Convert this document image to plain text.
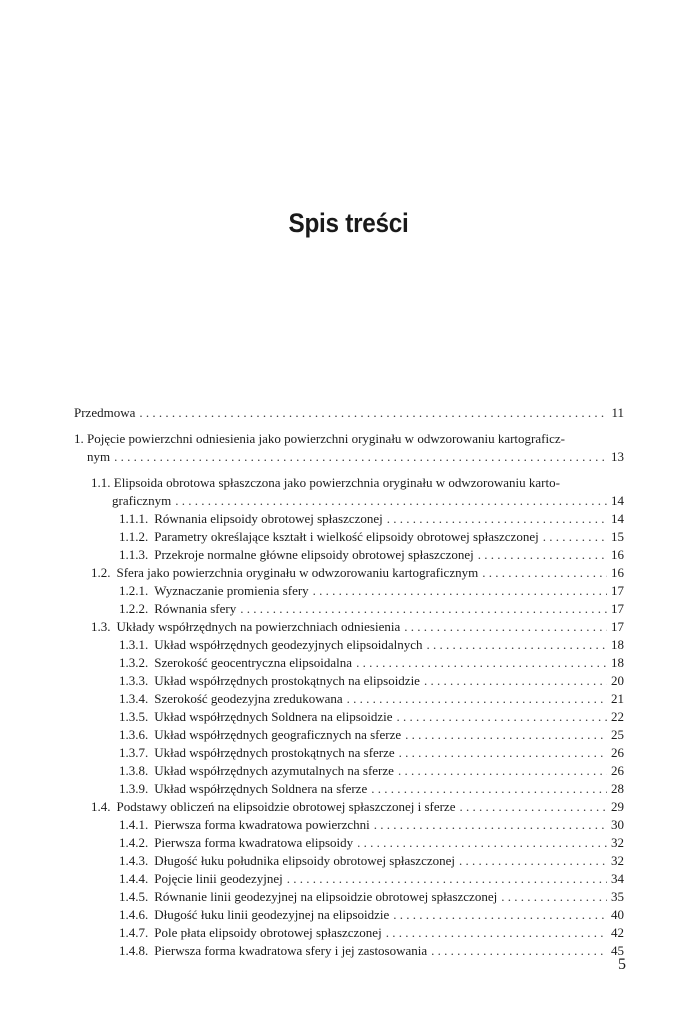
Spis treści
Przedmowa . . .	11
1. Pojęcie powierzchni odniesienia jako powierzchni oryginału w odwzorowaniu kartograficz-
nym . . .	13
1.1. Elipsoida obrotowa spłaszczona jako powierzchnia oryginału w odwzorowaniu karto-
graficznym . . .	14
1.1.1. Równania elipsoidy obrotowej spłaszczonej . . .	14
1.1.2. Parametry określające kształt i wielkość elipsoidy obrotowej spłaszczonej . . .	15
1.1.3. Przekroje normalne główne elipsoidy obrotowej spłaszczonej . . .	16
1.2. Sfera jako powierzchnia oryginału w odwzorowaniu kartograficznym . . .	16
1.2.1. Wyznaczanie promienia sfery . . .	17
1.2.2. Równania sfery . . .	17
1.3. Układy współrzędnych na powierzchniach odniesienia . . .	17
1.3.1. Układ współrzędnych geodezyjnych elipsoidalnych . . .	18
1.3.2. Szerokość geocentryczna elipsoidalna . . .	18
1.3.3. Układ współrzędnych prostokątnych na elipsoidzie . . .	20
1.3.4. Szerokość geodezyjna zredukowana . . .	21
1.3.5. Układ współrzędnych Soldnera na elipsoidzie . . .	22
1.3.6. Układ współrzędnych geograficznych na sferze . . .	25
1.3.7. Układ współrzędnych prostokątnych na sferze . . .	26
1.3.8. Układ współrzędnych azymutalnych na sferze . . .	26
1.3.9. Układ współrzędnych Soldnera na sferze . . .	28
1.4. Podstawy obliczeń na elipsoidzie obrotowej spłaszczonej i sferze . . .	29
1.4.1. Pierwsza forma kwadratowa powierzchni . . .	30
1.4.2. Pierwsza forma kwadratowa elipsoidy . . .	32
1.4.3. Długość łuku południka elipsoidy obrotowej spłaszczonej . . .	32
1.4.4. Pojęcie linii geodezyjnej . . .	34
1.4.5. Równanie linii geodezyjnej na elipsoidzie obrotowej spłaszczonej . . .	35
1.4.6. Długość łuku linii geodezyjnej na elipsoidzie . . .	40
1.4.7. Pole płata elipsoidy obrotowej spłaszczonej . . .	42
1.4.8. Pierwsza forma kwadratowa sfery i jej zastosowania . . .	45
5
